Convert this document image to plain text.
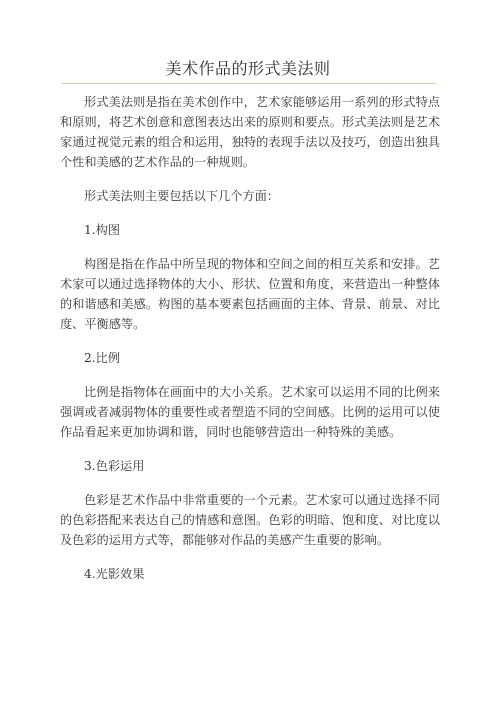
美术作品的形式美法则

形式美法则是指在美术创作中，艺术家能够运用一系列的形式特点和原则，将艺术创意和意图表达出来的原则和要点。形式美法则是艺术家通过视觉元素的组合和运用，独特的表现手法以及技巧，创造出独具个性和美感的艺术作品的一种规则。

形式美法则主要包括以下几个方面：

1.构图

构图是指在作品中所呈现的物体和空间之间的相互关系和安排。艺术家可以通过选择物体的大小、形状、位置和角度，来营造出一种整体的和谐感和美感。构图的基本要素包括画面的主体、背景、前景、对比度、平衡感等。

2.比例

比例是指物体在画面中的大小关系。艺术家可以运用不同的比例来强调或者减弱物体的重要性或者塑造不同的空间感。比例的运用可以使作品看起来更加协调和谐，同时也能够营造出一种特殊的美感。

3.色彩运用

色彩是艺术作品中非常重要的一个元素。艺术家可以通过选择不同的色彩搭配来表达自己的情感和意图。色彩的明暗、饱和度、对比度以及色彩的运用方式等，都能够对作品的美感产生重要的影响。

4.光影效果
